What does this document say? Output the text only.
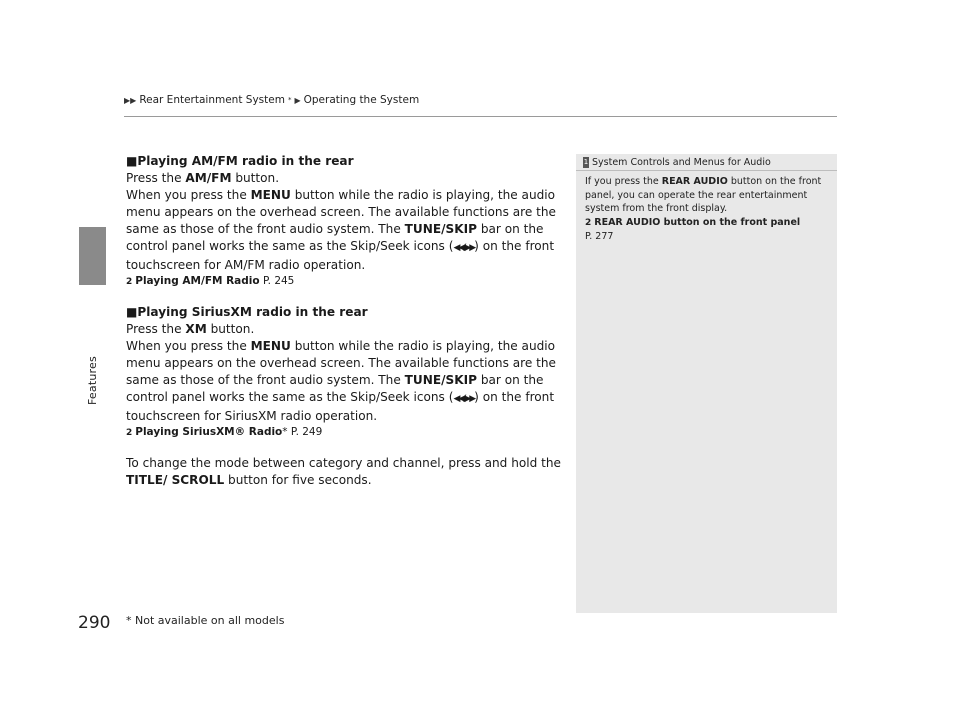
▶▶ Rear Entertainment System * ▶ Operating the System
Features

■Playing AM/FM radio in the rear

Press the AM/FM button.

When you press the MENU button while the radio is playing, the audio menu appears on the overhead screen. The available functions are the same as those of the front audio system. The TUNE/SKIP bar on the control panel works the same as the Skip/Seek icons (◀◀/▶▶) on the front touchscreen for AM/FM radio operation.

2 Playing AM/FM Radio P. 245

■Playing SiriusXM radio in the rear

Press the XM button.

When you press the MENU button while the radio is playing, the audio menu appears on the overhead screen. The available functions are the same as those of the front audio system. The TUNE/SKIP bar on the control panel works the same as the Skip/Seek icons (◀◀/▶▶) on the front touchscreen for SiriusXM radio operation.

2 Playing SiriusXM® Radio* P. 249

To change the mode between category and channel, press and hold the TITLE/ SCROLL button for five seconds.

1 System Controls and Menus for Audio

If you press the REAR AUDIO button on the front panel, you can operate the rear entertainment system from the front display.

2 REAR AUDIO button on the front panel

P. 277

290 * Not available on all models
